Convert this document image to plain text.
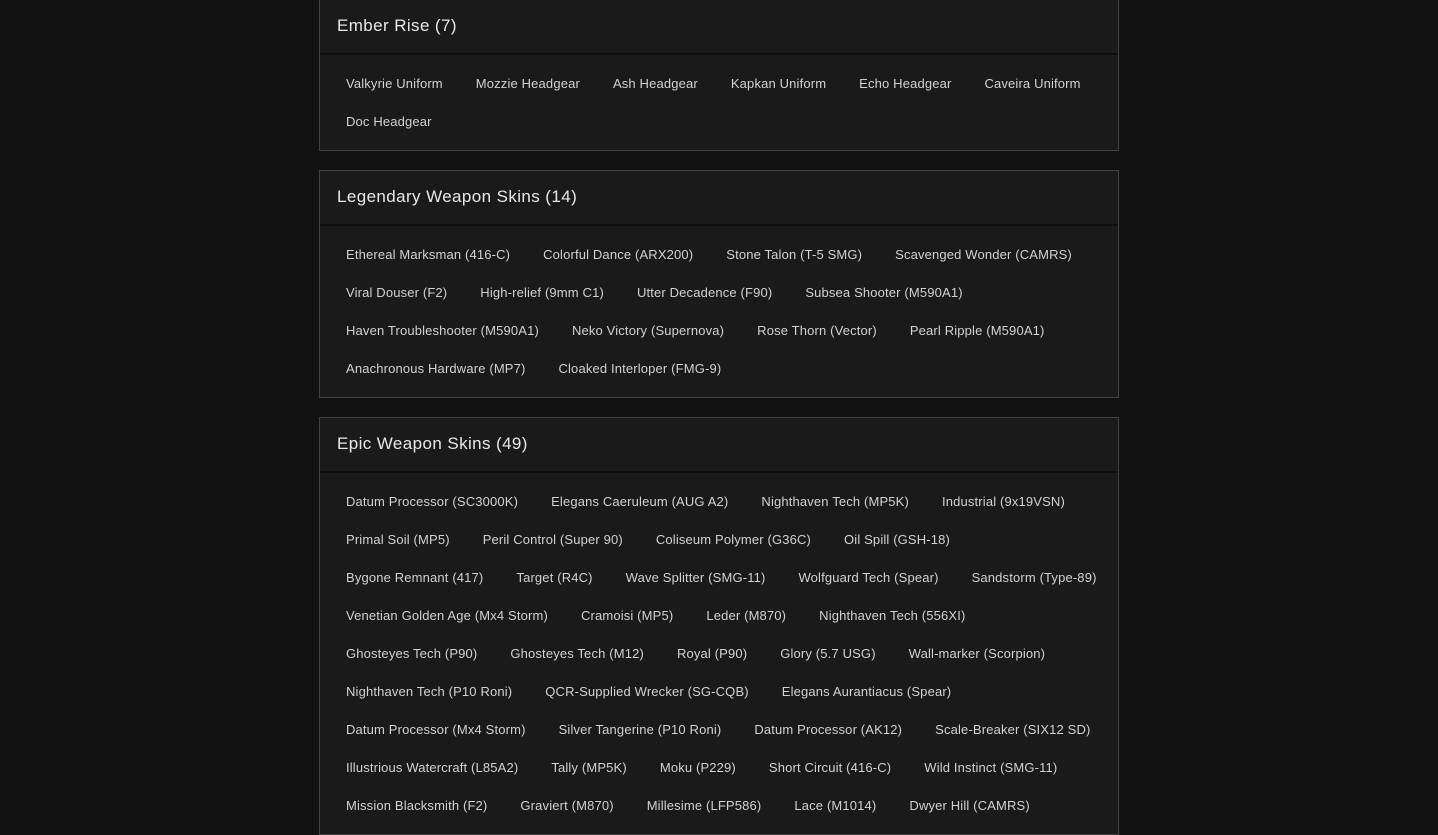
Ember Rise (7)
Valkyrie Uniform	Mozzie Headgear	Ash Headgear	Kapkan Uniform	Echo Headgear	Caveira Uniform
Doc Headgear
Legendary Weapon Skins (14)
Ethereal Marksman (416-C)	Colorful Dance (ARX200)	Stone Talon (T-5 SMG)	Scavenged Wonder (CAMRS)
Viral Douser (F2)	High-relief (9mm C1)	Utter Decadence (F90)	Subsea Shooter (M590A1)
Haven Troubleshooter (M590A1)	Neko Victory (Supernova)	Rose Thorn (Vector)	Pearl Ripple (M590A1)
Anachronous Hardware (MP7)	Cloaked Interloper (FMG-9)
Epic Weapon Skins (49)
Datum Processor (SC3000K)	Elegans Caeruleum (AUG A2)	Nighthaven Tech (MP5K)	Industrial (9x19VSN)
Primal Soil (MP5)	Peril Control (Super 90)	Coliseum Polymer (G36C)	Oil Spill (GSH-18)
Bygone Remnant (417)	Target (R4C)	Wave Splitter (SMG-11)	Wolfguard Tech (Spear)	Sandstorm (Type-89)
Venetian Golden Age (Mx4 Storm)	Cramoisi (MP5)	Leder (M870)	Nighthaven Tech (556XI)
Ghosteyes Tech (P90)	Ghosteyes Tech (M12)	Royal (P90)	Glory (5.7 USG)	Wall-marker (Scorpion)
Nighthaven Tech (P10 Roni)	QCR-Supplied Wrecker (SG-CQB)	Elegans Aurantiacus (Spear)
Datum Processor (Mx4 Storm)	Silver Tangerine (P10 Roni)	Datum Processor (AK12)	Scale-Breaker (SIX12 SD)
Illustrious Watercraft (L85A2)	Tally (MP5K)	Moku (P229)	Short Circuit (416-C)	Wild Instinct (SMG-11)
Mission Blacksmith (F2)	Graviert (M870)	Millesime (LFP586)	Lace (M1014)	Dwyer Hill (CAMRS)
